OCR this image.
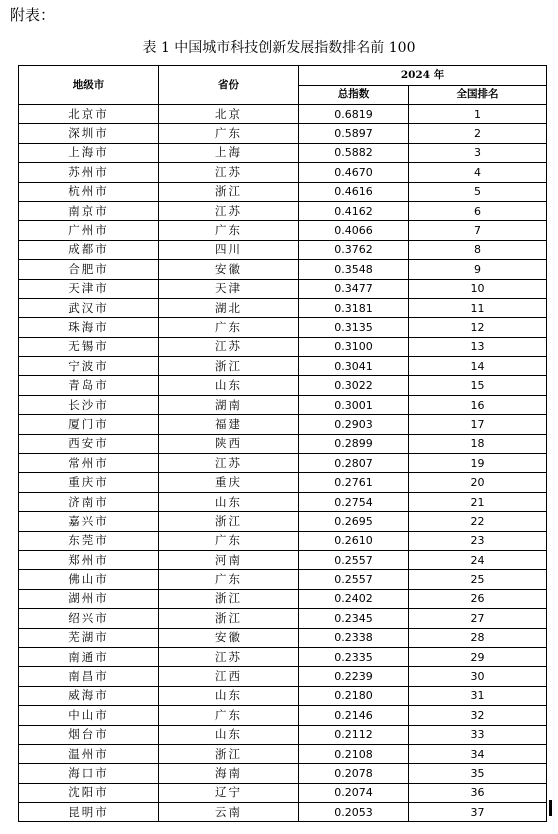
附表：
表 1 中国城市科技创新发展指数排名前 100
地级市	省份	2024 年	
		总指数	全国排名
北京市	北京	0.6819	1
深圳市	广东	0.5897	2
上海市	上海	0.5882	3
苏州市	江苏	0.4670	4
杭州市	浙江	0.4616	5
南京市	江苏	0.4162	6
广州市	广东	0.4066	7
成都市	四川	0.3762	8
合肥市	安徽	0.3548	9
天津市	天津	0.3477	10
武汉市	湖北	0.3181	11
珠海市	广东	0.3135	12
无锡市	江苏	0.3100	13
宁波市	浙江	0.3041	14
青岛市	山东	0.3022	15
长沙市	湖南	0.3001	16
厦门市	福建	0.2903	17
西安市	陕西	0.2899	18
常州市	江苏	0.2807	19
重庆市	重庆	0.2761	20
济南市	山东	0.2754	21
嘉兴市	浙江	0.2695	22
东莞市	广东	0.2610	23
郑州市	河南	0.2557	24
佛山市	广东	0.2557	25
湖州市	浙江	0.2402	26
绍兴市	浙江	0.2345	27
芜湖市	安徽	0.2338	28
南通市	江苏	0.2335	29
南昌市	江西	0.2239	30
威海市	山东	0.2180	31
中山市	广东	0.2146	32
烟台市	山东	0.2112	33
温州市	浙江	0.2108	34
海口市	海南	0.2078	35
沈阳市	辽宁	0.2074	36
昆明市	云南	0.2053	37
